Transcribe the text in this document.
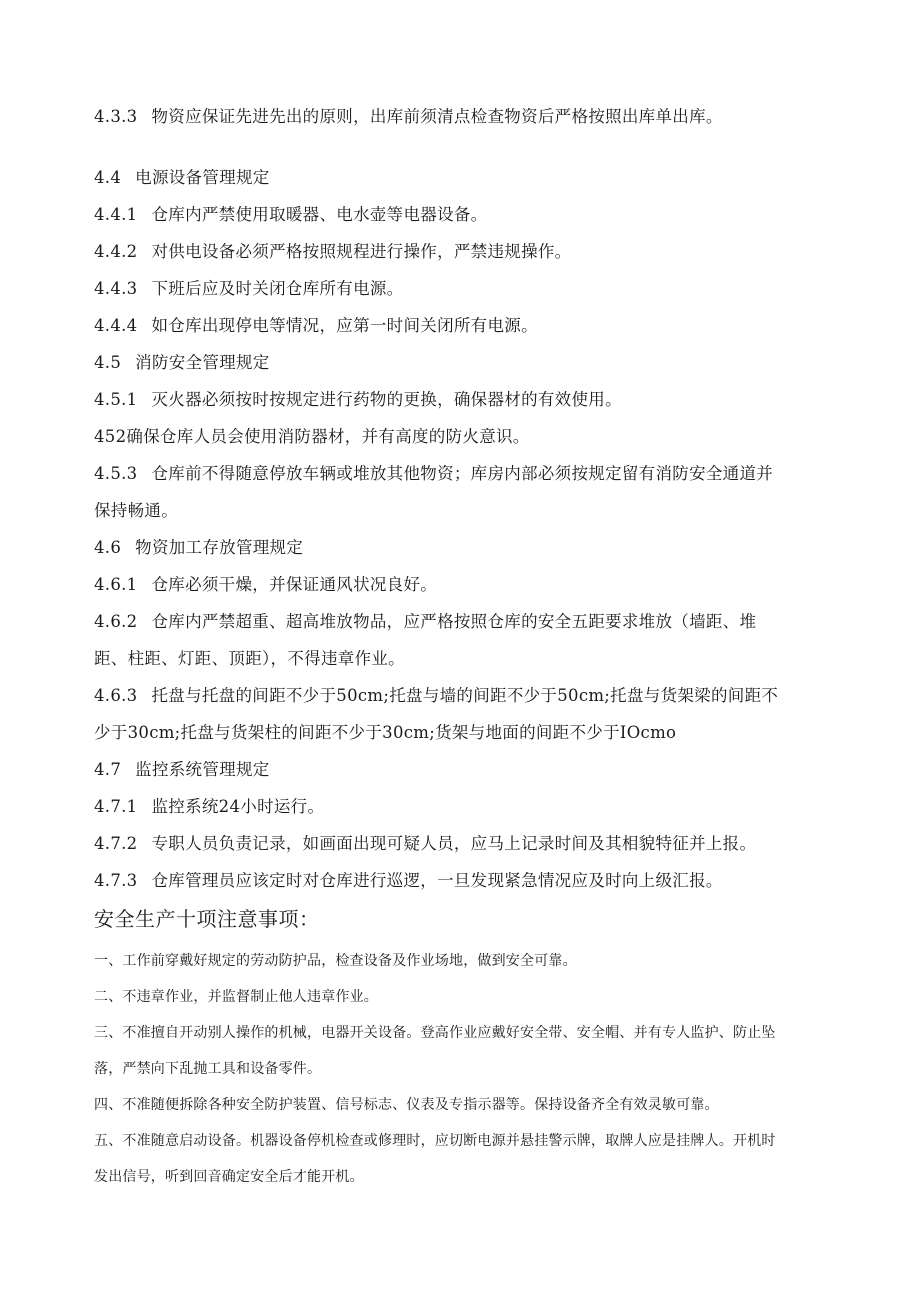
4.3.3 物资应保证先进先出的原则，出库前须清点检查物资后严格按照出库单出库。
4.4 电源设备管理规定
4.4.1 仓库内严禁使用取暖器、电水壶等电器设备。
4.4.2 对供电设备必须严格按照规程进行操作，严禁违规操作。
4.4.3 下班后应及时关闭仓库所有电源。
4.4.4 如仓库出现停电等情况，应第一时间关闭所有电源。
4.5 消防安全管理规定
4.5.1 灭火器必须按时按规定进行药物的更换，确保器材的有效使用。
452确保仓库人员会使用消防器材，并有高度的防火意识。
4.5.3 仓库前不得随意停放车辆或堆放其他物资；库房内部必须按规定留有消防安全通道并
保持畅通。
4.6 物资加工存放管理规定
4.6.1 仓库必须干燥，并保证通风状况良好。
4.6.2 仓库内严禁超重、超高堆放物品，应严格按照仓库的安全五距要求堆放（墙距、堆
距、柱距、灯距、顶距），不得违章作业。
4.6.3 托盘与托盘的间距不少于50cm;托盘与墙的间距不少于50cm;托盘与货架梁的间距不
少于30cm;托盘与货架柱的间距不少于30cm;货架与地面的间距不少于IOcmo
4.7 监控系统管理规定
4.7.1 监控系统24小时运行。
4.7.2 专职人员负责记录，如画面出现可疑人员，应马上记录时间及其相貌特征并上报。
4.7.3 仓库管理员应该定时对仓库进行巡逻，一旦发现紧急情况应及时向上级汇报。
安全生产十项注意事项：
一、工作前穿戴好规定的劳动防护品，检查设备及作业场地，做到安全可靠。
二、不违章作业，并监督制止他人违章作业。
三、不准擅自开动别人操作的机械，电器开关设备。登高作业应戴好安全带、安全帽、并有专人监护、防止坠
落，严禁向下乱抛工具和设备零件。
四、不准随便拆除各种安全防护装置、信号标志、仪表及专指示器等。保持设备齐全有效灵敏可靠。
五、不准随意启动设备。机器设备停机检查或修理时，应切断电源并悬挂警示牌，取牌人应是挂牌人。开机时
发出信号，听到回音确定安全后才能开机。
